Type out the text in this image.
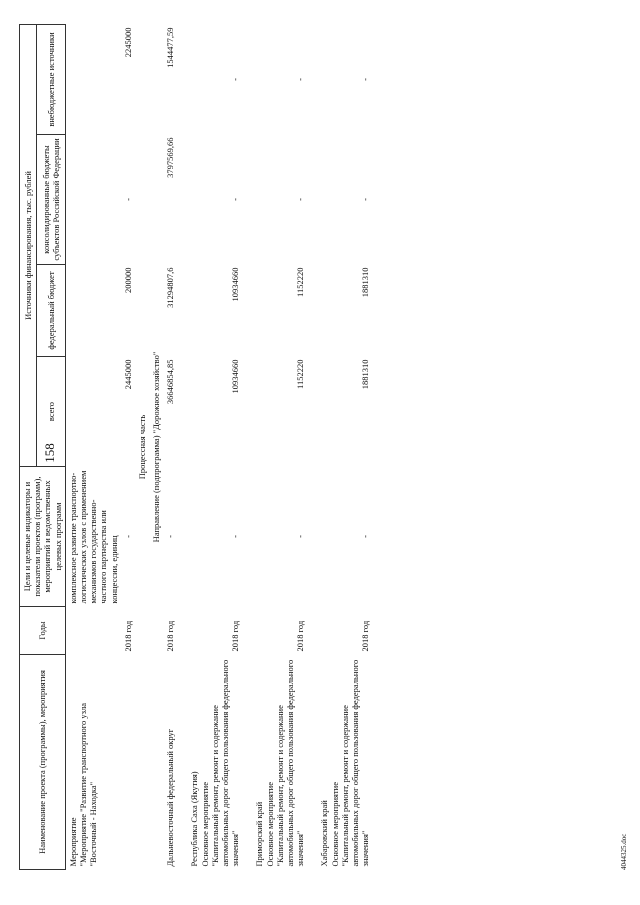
158
Наименование проекта (программы), мероприятия	Годы	Цели и целевые индикаторы и показатели проектов (программ), мероприятий и ведомственных целевых программ	Источники финансирования, тыс. рублей			
			всего	федеральный бюджет	консолидированные бюджеты субъектов Российской Федерации	внебюджетные источники

Мероприятие "Мероприятие "Развитие транспортного узла "Восточный - Находка"		комплексное развитие транспортно-логистических узлов с применением механизмов государственно-частного партнерства или концессии, единиц				
	2018 год	-	2445000	200000	-	2245000
Процессная часть						
Направление (подпрограмма) "Дорожное хозяйство"						
Дальневосточный федеральный округ	2018 год	-	36646854,85	31294807,6	3797569,66	1544477,59

Республика Саха (Якутия) Основное мероприятие "Капитальный ремонт, ремонт и содержание автомобильных дорог общего пользования федерального значения"	2018 год	-	10934660	10934660	-	-

Приморский край Основное мероприятие "Капитальный ремонт, ремонт и содержание автомобильных дорог общего пользования федерального значения"	2018 год	-	1152220	1152220	-	-

Хабаровский край Основное мероприятие "Капитальный ремонт, ремонт и содержание автомобильных дорог общего пользования федерального значения"	2018 год	-	1881310	1881310	-	-
4044325.doc
